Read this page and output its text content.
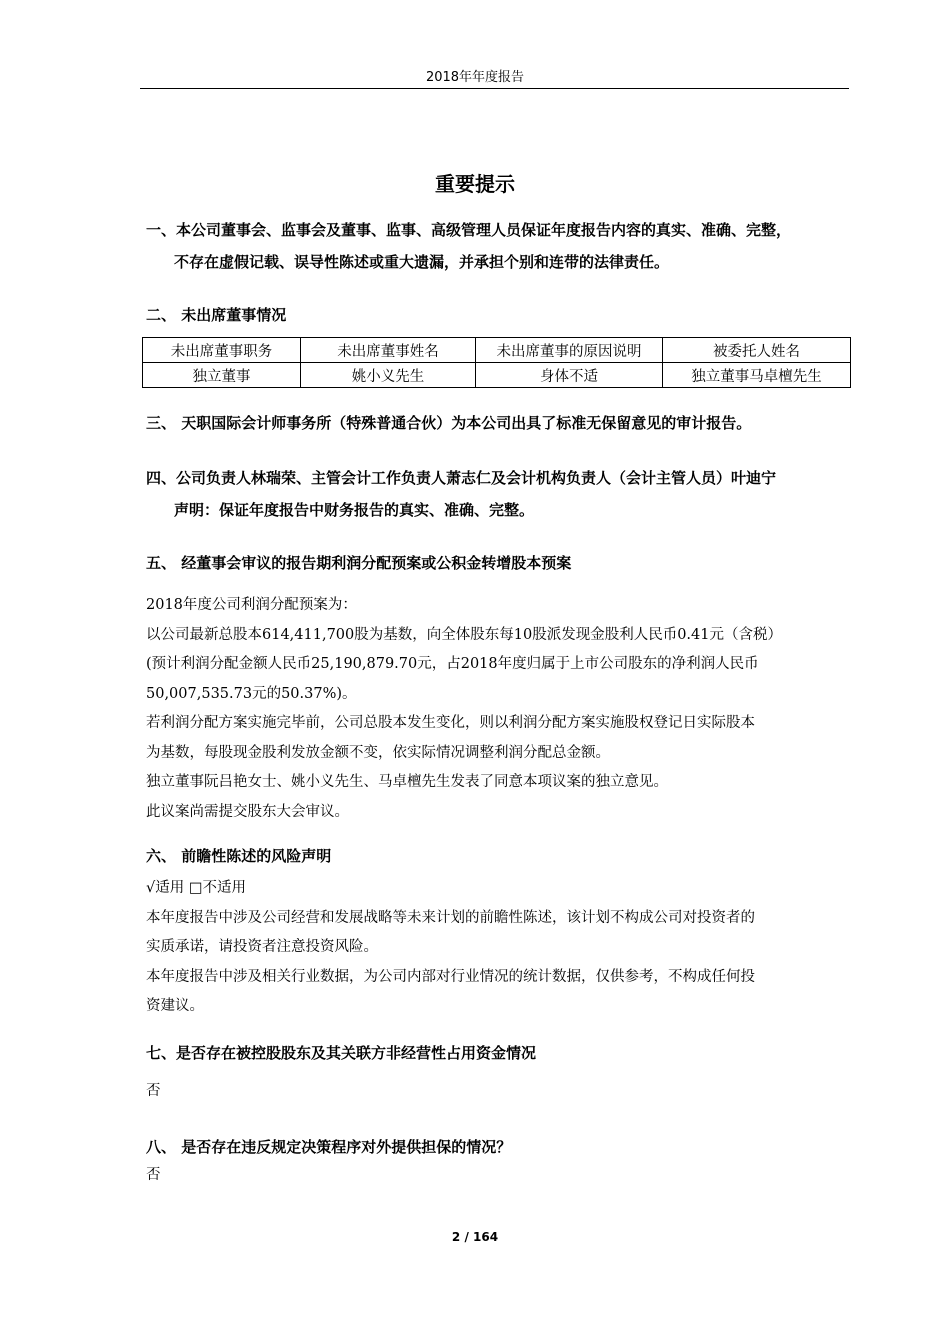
2018年年度报告
重要提示
一、本公司董事会、监事会及董事、监事、高级管理人员保证年度报告内容的真实、准确、完整，
不存在虚假记载、误导性陈述或重大遗漏，并承担个别和连带的法律责任。
二、 未出席董事情况
未出席董事职务	未出席董事姓名	未出席董事的原因说明	被委托人姓名
独立董事	姚小义先生	身体不适	独立董事马卓檀先生
三、 天职国际会计师事务所（特殊普通合伙）为本公司出具了标准无保留意见的审计报告。
四、公司负责人林瑞荣、主管会计工作负责人萧志仁及会计机构负责人（会计主管人员）叶迪宁
声明：保证年度报告中财务报告的真实、准确、完整。
五、 经董事会审议的报告期利润分配预案或公积金转增股本预案
2018年度公司利润分配预案为：
以公司最新总股本614,411,700股为基数，向全体股东每10股派发现金股利人民币0.41元（含税）
(预计利润分配金额人民币25,190,879.70元，占2018年度归属于上市公司股东的净利润人民币
50,007,535.73元的50.37%)。
若利润分配方案实施完毕前，公司总股本发生变化，则以利润分配方案实施股权登记日实际股本
为基数，每股现金股利发放金额不变，依实际情况调整利润分配总金额。
独立董事阮吕艳女士、姚小义先生、马卓檀先生发表了同意本项议案的独立意见。
此议案尚需提交股东大会审议。
六、 前瞻性陈述的风险声明
√适用 □不适用
本年度报告中涉及公司经营和发展战略等未来计划的前瞻性陈述，该计划不构成公司对投资者的
实质承诺，请投资者注意投资风险。
本年度报告中涉及相关行业数据，为公司内部对行业情况的统计数据，仅供参考，不构成任何投
资建议。
七、是否存在被控股股东及其关联方非经营性占用资金情况
否
八、 是否存在违反规定决策程序对外提供担保的情况？
否
2 / 164
